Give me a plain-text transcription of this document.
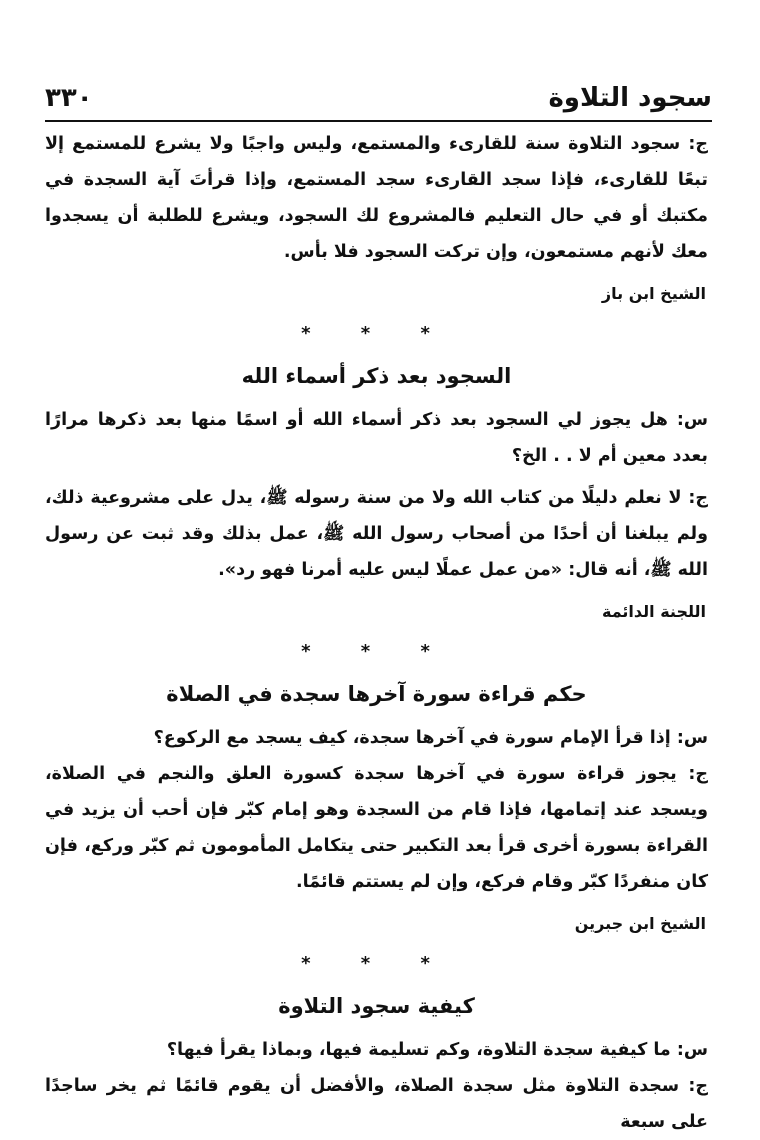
سجود التلاوة
٣٣٠

ج: سجود التلاوة سنة للقارىء والمستمع، وليس واجبًا ولا يشرع للمستمع إلا تبعًا للقارىء، فإذا سجد القارىء سجد المستمع، وإذا قرأتَ آية السجدة في مكتبك أو في حال التعليم فالمشروع لك السجود، ويشرع للطلبة أن يسجدوا معك لأنهم مستمعون، وإن تركت السجود فلا بأس.

الشيخ ابن باز

* * *
السجود بعد ذكر أسماء الله

س: هل يجوز لي السجود بعد ذكر أسماء الله أو اسمًا منها بعد ذكرها مرارًا بعدد معين أم لا . . الخ؟

ج: لا نعلم دليلًا من كتاب الله ولا من سنة رسوله ﷺ، يدل على مشروعية ذلك، ولم يبلغنا أن أحدًا من أصحاب رسول الله ﷺ، عمل بذلك وقد ثبت عن رسول الله ﷺ، أنه قال: «من عمل عملًا ليس عليه أمرنا فهو رد».

اللجنة الدائمة

* * *
حكم قراءة سورة آخرها سجدة في الصلاة

س: إذا قرأ الإمام سورة في آخرها سجدة، كيف يسجد مع الركوع؟

ج: يجوز قراءة سورة في آخرها سجدة كسورة العلق والنجم في الصلاة، ويسجد عند إتمامها، فإذا قام من السجدة وهو إمام كبّر فإن أحب أن يزيد في القراءة بسورة أخرى قرأ بعد التكبير حتى يتكامل المأمومون ثم كبّر وركع، فإن كان منفردًا كبّر وقام فركع، وإن لم يستتم قائمًا.

الشيخ ابن جبرين

* * *
كيفية سجود التلاوة

س: ما كيفية سجدة التلاوة، وكم تسليمة فيها، وبماذا يقرأ فيها؟

ج: سجدة التلاوة مثل سجدة الصلاة، والأفضل أن يقوم قائمًا ثم يخر ساجدًا على سبعة
